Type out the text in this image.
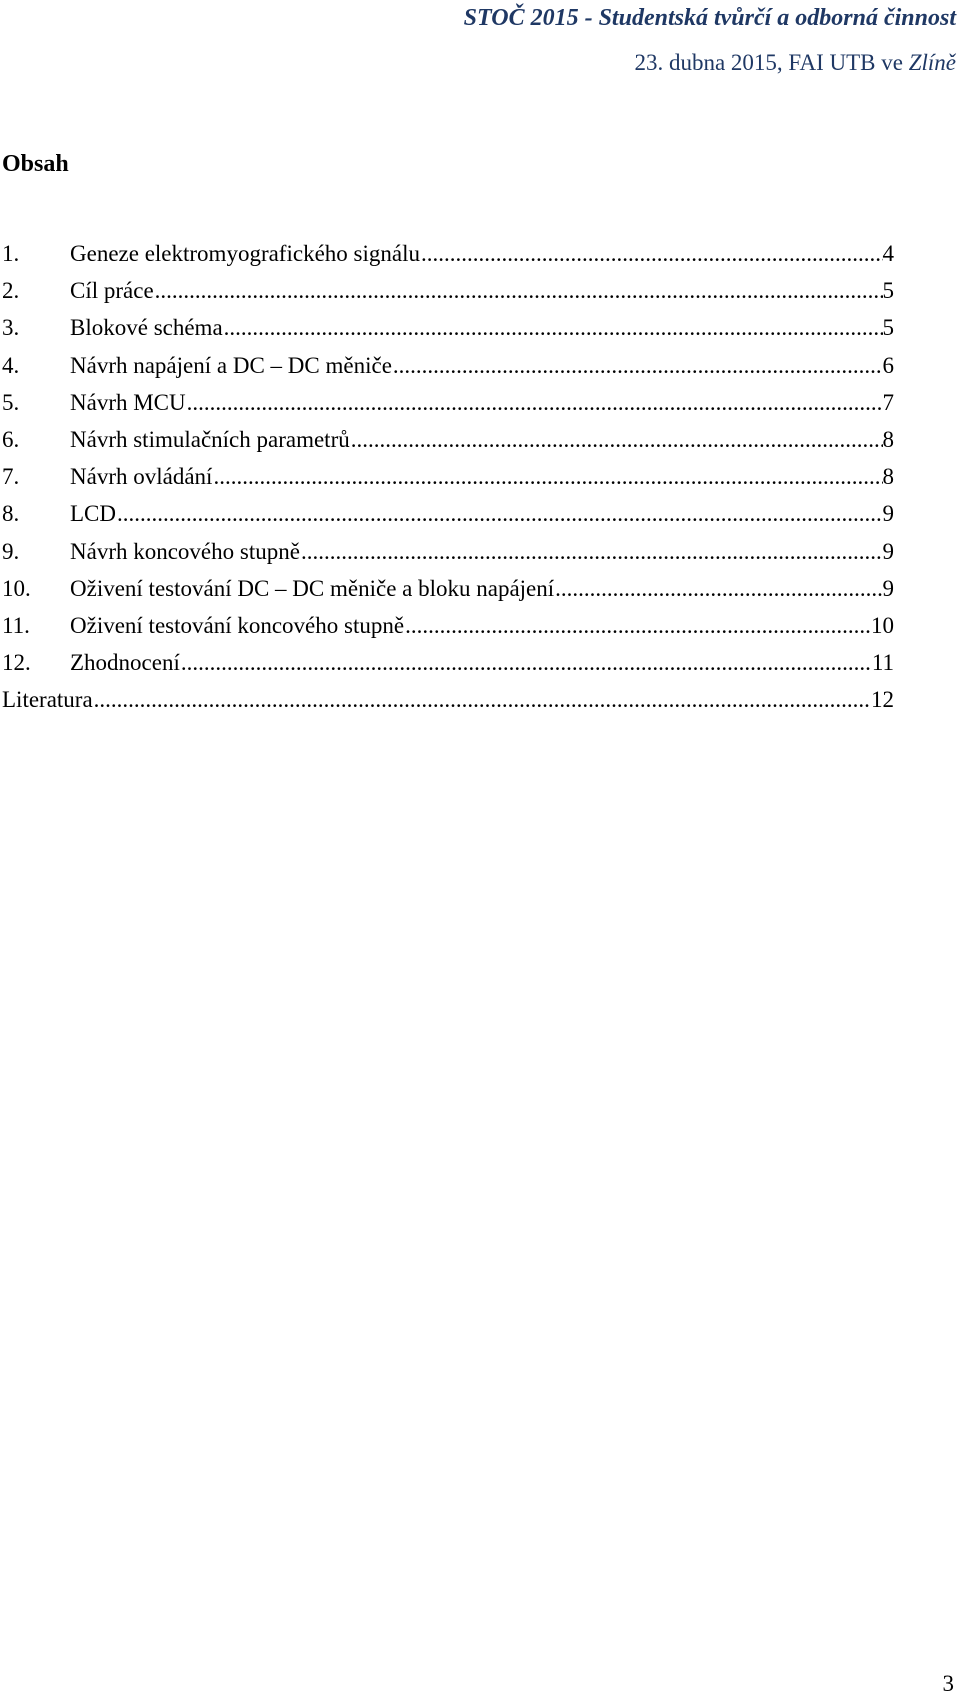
STOČ 2015 - Studentská tvůrčí a odborná činnost
23. dubna 2015, FAI UTB ve Zlíně
Obsah
1.	Geneze elektromyografického signálu .....	4
2.	Cíl práce .....	5
3.	Blokové schéma .....	5
4.	Návrh napájení a DC – DC měniče .....	6
5.	Návrh MCU .....	7
6.	Návrh stimulačních parametrů .....	8
7.	Návrh ovládání .....	8
8.	LCD .....	9
9.	Návrh koncového stupně .....	9
10.	Oživení testování DC – DC měniče a bloku napájení .....	9
11.	Oživení testování koncového stupně .....	10
12.	Zhodnocení .....	11
Literatura .....	12
3
